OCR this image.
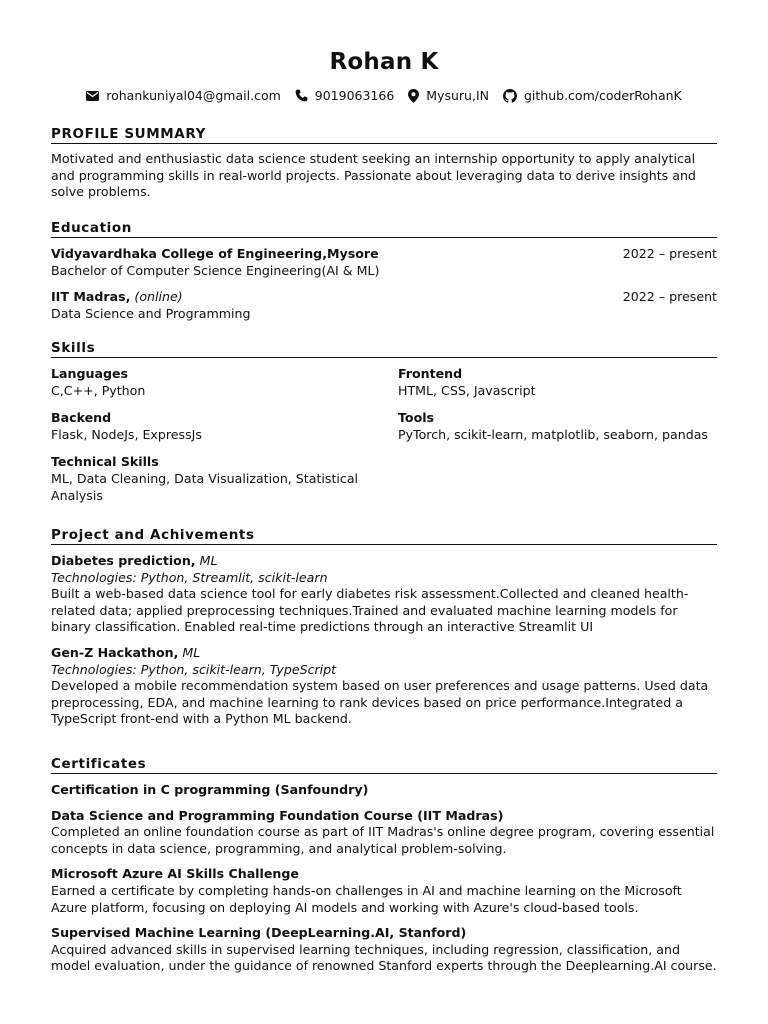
Rohan K
rohankuniyal04@gmail.com	9019063166	Mysuru,IN	github.com/coderRohanK
PROFILE SUMMARY
Motivated and enthusiastic data science student seeking an internship opportunity to apply analytical and programming skills in real-world projects. Passionate about leveraging data to derive insights and solve problems.
Education
Vidyavardhaka College of Engineering,Mysore	2022 – present
Bachelor of Computer Science Engineering(AI & ML)
IIT Madras, (online)	2022 – present
Data Science and Programming
Skills
Languages
C,C++, Python
Frontend
HTML, CSS, Javascript
Backend
Flask, NodeJs, ExpressJs
Tools
PyTorch, scikit-learn, matplotlib, seaborn, pandas
Technical Skills
ML, Data Cleaning, Data Visualization, Statistical Analysis
Project and Achivements
Diabetes prediction, ML
Technologies: Python, Streamlit, scikit-learn
Built a web-based data science tool for early diabetes risk assessment.Collected and cleaned health-related data; applied preprocessing techniques.Trained and evaluated machine learning models for binary classification. Enabled real-time predictions through an interactive Streamlit UI
Gen-Z Hackathon, ML
Technologies: Python, scikit-learn, TypeScript
Developed a mobile recommendation system based on user preferences and usage patterns. Used data preprocessing, EDA, and machine learning to rank devices based on price performance.Integrated a TypeScript front-end with a Python ML backend.
Certificates
Certification in C programming (Sanfoundry)
Data Science and Programming Foundation Course (IIT Madras)
Completed an online foundation course as part of IIT Madras's online degree program, covering essential concepts in data science, programming, and analytical problem-solving.
Microsoft Azure AI Skills Challenge
Earned a certificate by completing hands-on challenges in AI and machine learning on the Microsoft Azure platform, focusing on deploying AI models and working with Azure's cloud-based tools.
Supervised Machine Learning (DeepLearning.AI, Stanford)
Acquired advanced skills in supervised learning techniques, including regression, classification, and model evaluation, under the guidance of renowned Stanford experts through the Deeplearning.AI course.
